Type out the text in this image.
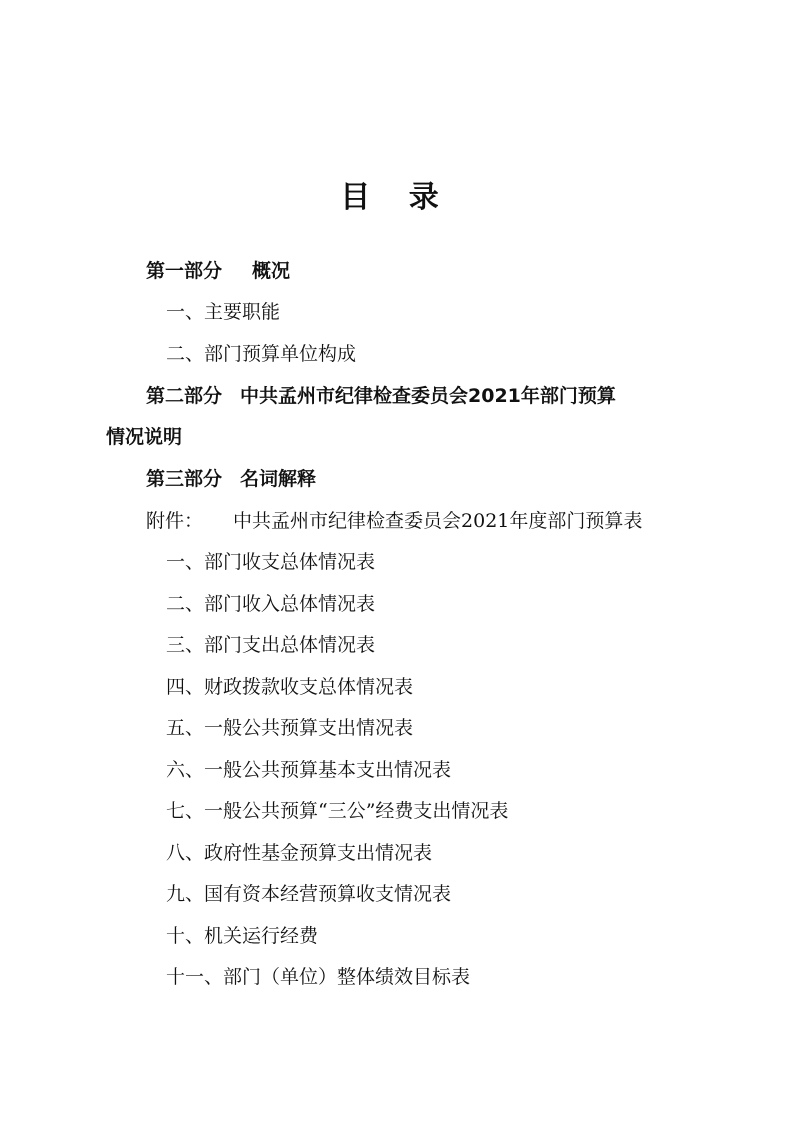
目 录
第一部分 概况
一、主要职能
二、部门预算单位构成
第二部分 中共孟州市纪律检查委员会2021年部门预算
情况说明
第三部分 名词解释
附件： 中共孟州市纪律检查委员会2021年度部门预算表
一、部门收支总体情况表
二、部门收入总体情况表
三、部门支出总体情况表
四、财政拨款收支总体情况表
五、一般公共预算支出情况表
六、一般公共预算基本支出情况表
七、一般公共预算“三公”经费支出情况表
八、政府性基金预算支出情况表
九、国有资本经营预算收支情况表
十、机关运行经费
十一、部门（单位）整体绩效目标表
